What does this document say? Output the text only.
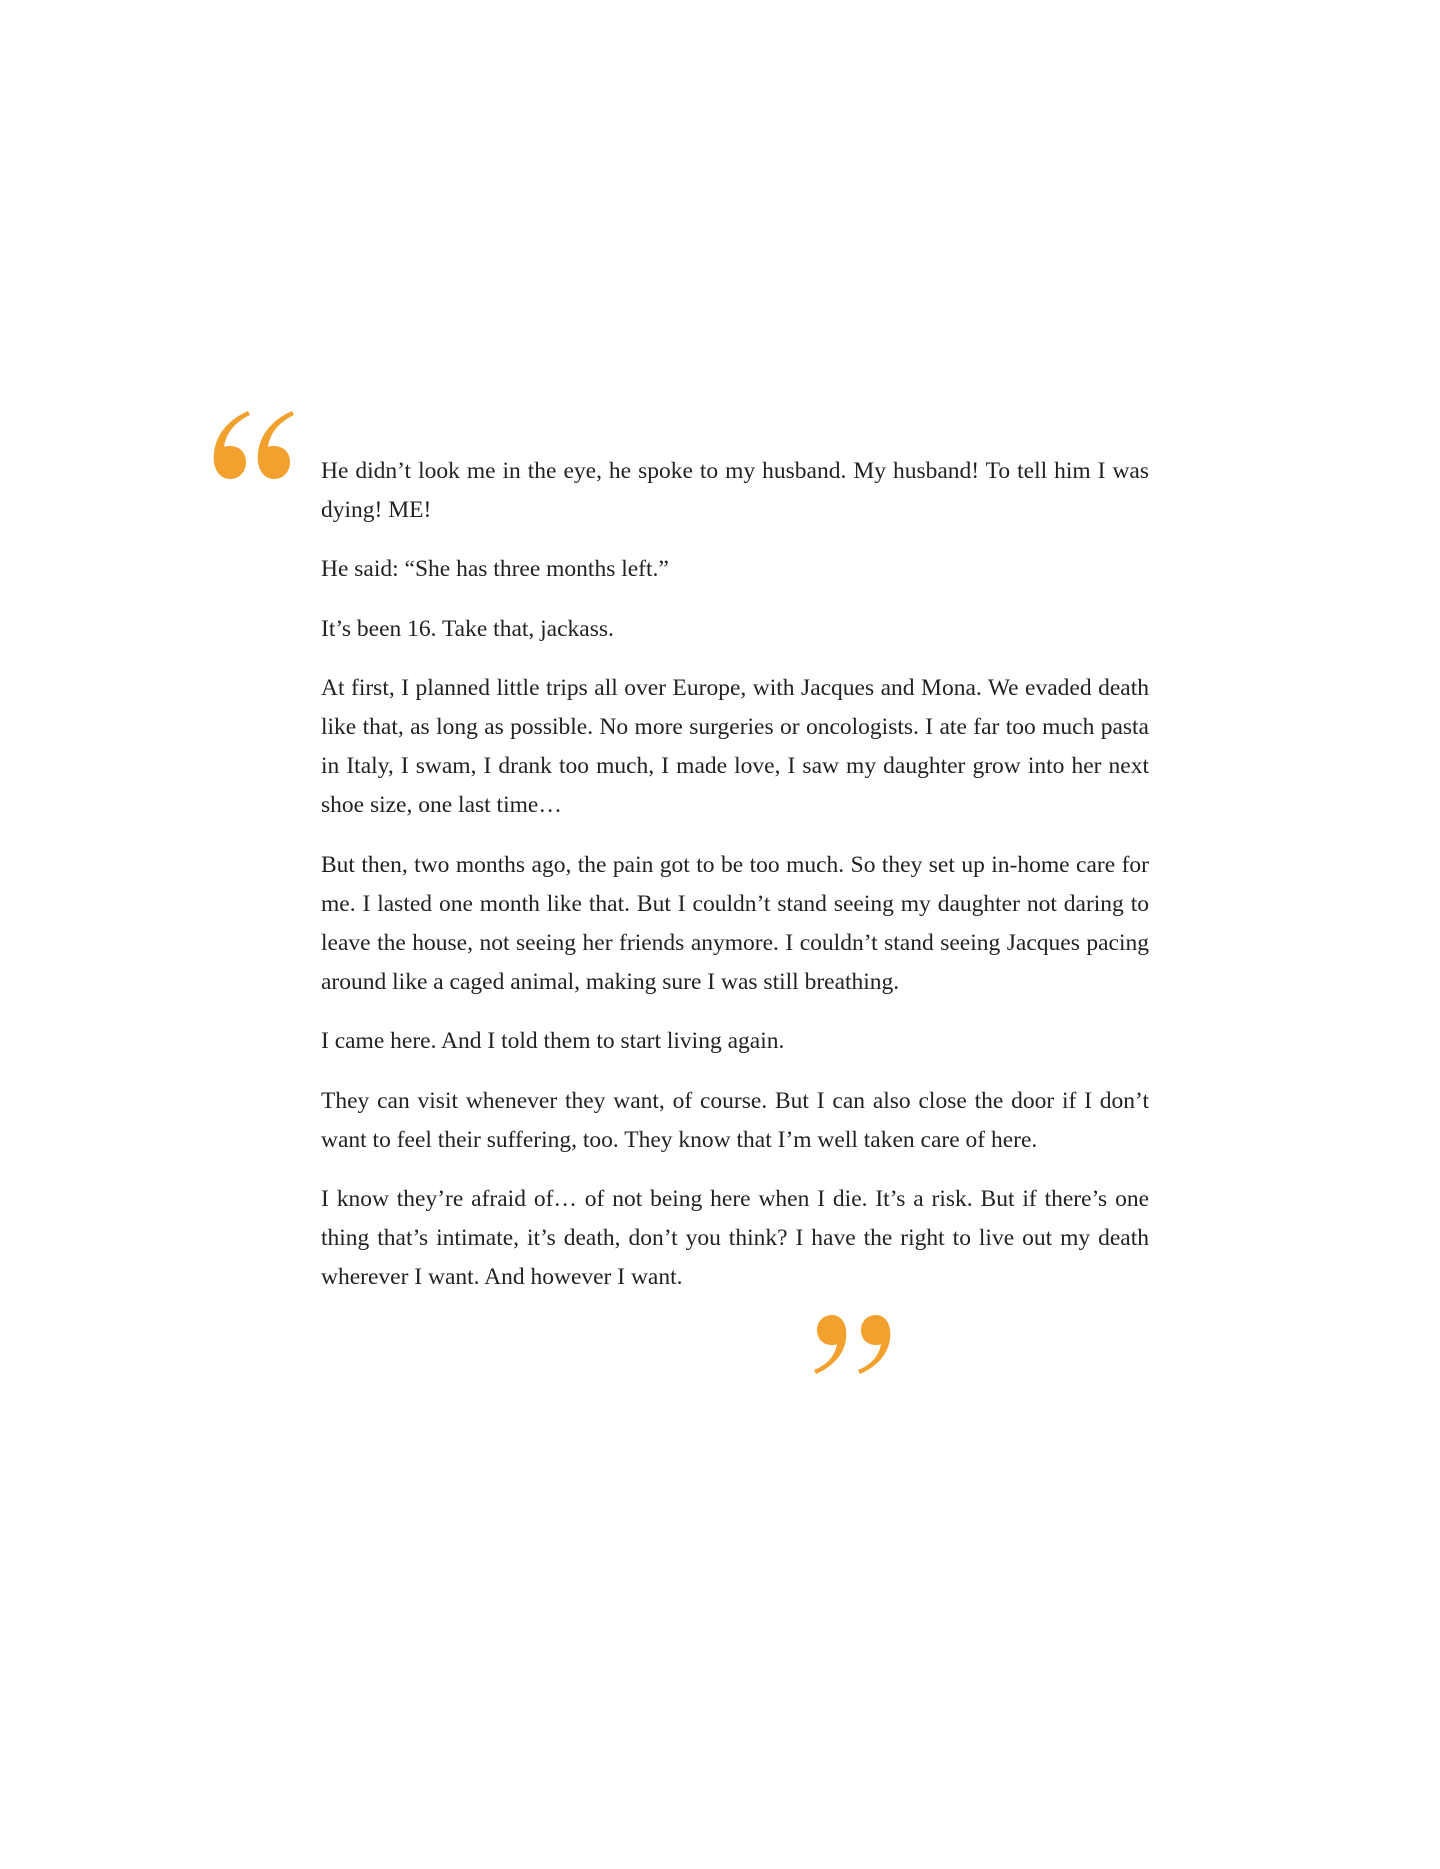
He didn’t look me in the eye, he spoke to my husband. My husband! To tell him I was dying! ME!

He said: “She has three months left.”

It’s been 16. Take that, jackass.

At first, I planned little trips all over Europe, with Jacques and Mona. We evaded death like that, as long as possible. No more surgeries or oncologists. I ate far too much pasta in Italy, I swam, I drank too much, I made love, I saw my daughter grow into her next shoe size, one last time…

But then, two months ago, the pain got to be too much. So they set up in-home care for me. I lasted one month like that. But I couldn’t stand seeing my daughter not daring to leave the house, not seeing her friends anymore. I couldn’t stand seeing Jacques pacing around like a caged animal, making sure I was still breathing.

I came here. And I told them to start living again.

They can visit whenever they want, of course. But I can also close the door if I don’t want to feel their suffering, too. They know that I’m well taken care of here.

I know they’re afraid of… of not being here when I die. It’s a risk. But if there’s one thing that’s intimate, it’s death, don’t you think? I have the right to live out my death wherever I want. And however I want.
